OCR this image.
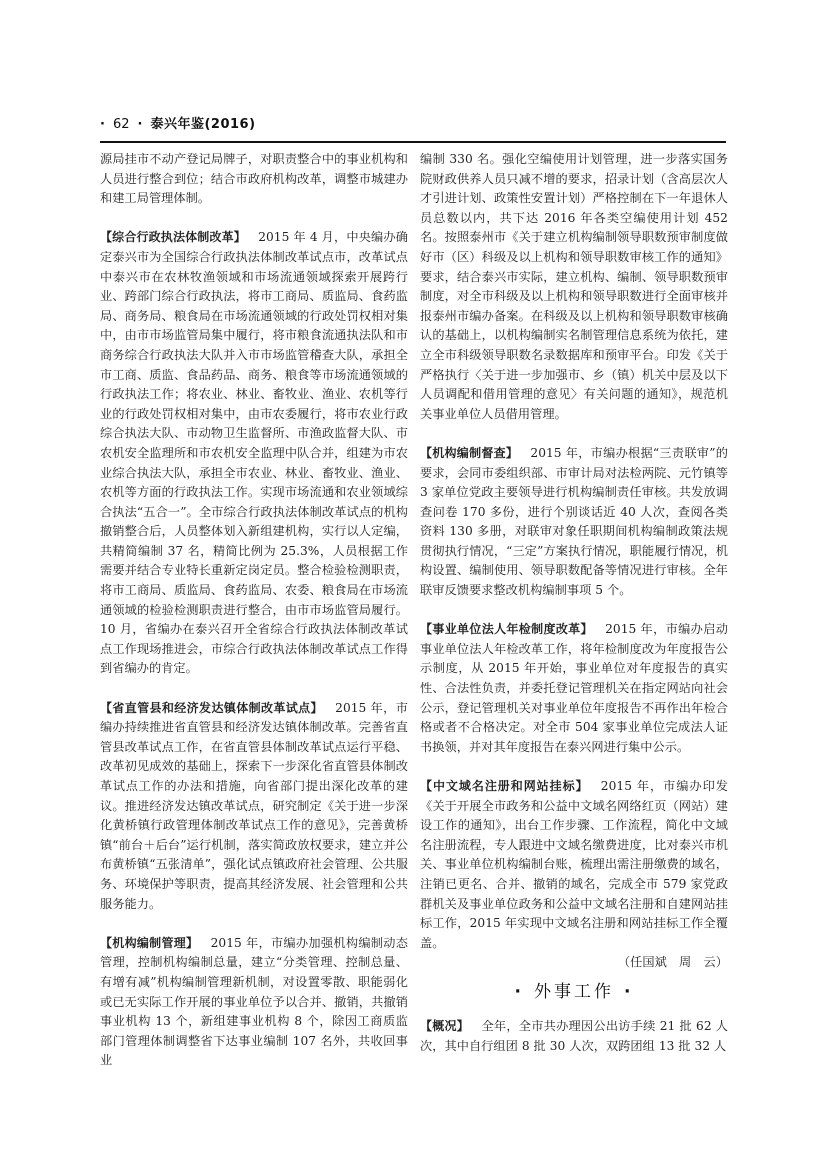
· 62 · 泰兴年鉴(2016)

源局挂市不动产登记局牌子，对职责整合中的事业机构和人员进行整合到位；结合市政府机构改革，调整市城建办和建工局管理体制。

【综合行政执法体制改革】  2015 年 4 月，中央编办确定泰兴市为全国综合行政执法体制改革试点市，改革试点中泰兴市在农林牧渔领域和市场流通领域探索开展跨行业、跨部门综合行政执法，将市工商局、质监局、食药监局、商务局、粮食局在市场流通领域的行政处罚权相对集中，由市市场监管局集中履行，将市粮食流通执法队和市商务综合行政执法大队并入市市场监管稽查大队，承担全市工商、质监、食品药品、商务、粮食等市场流通领域的行政执法工作；将农业、林业、畜牧业、渔业、农机等行业的行政处罚权相对集中，由市农委履行，将市农业行政综合执法大队、市动物卫生监督所、市渔政监督大队、市农机安全监理所和市农机安全监理中队合并，组建为市农业综合执法大队，承担全市农业、林业、畜牧业、渔业、农机等方面的行政执法工作。实现市场流通和农业领域综合执法“五合一”。全市综合行政执法体制改革试点的机构撤销整合后，人员整体划入新组建机构，实行以人定编，共精简编制 37 名，精简比例为 25.3%，人员根据工作需要并结合专业特长重新定岗定员。整合检验检测职责，将市工商局、质监局、食药监局、农委、粮食局在市场流通领域的检验检测职责进行整合，由市市场监管局履行。10 月，省编办在泰兴召开全省综合行政执法体制改革试点工作现场推进会，市综合行政执法体制改革试点工作得到省编办的肯定。

【省直管县和经济发达镇体制改革试点】  2015 年，市编办持续推进省直管县和经济发达镇体制改革。完善省直管县改革试点工作，在省直管县体制改革试点运行平稳、改革初见成效的基础上，探索下一步深化省直管县体制改革试点工作的办法和措施，向省部门提出深化改革的建议。推进经济发达镇改革试点，研究制定《关于进一步深化黄桥镇行政管理体制改革试点工作的意见》，完善黄桥镇“前台＋后台”运行机制，落实简政放权要求，建立并公布黄桥镇“五张清单”，强化试点镇政府社会管理、公共服务、环境保护等职责，提高其经济发展、社会管理和公共服务能力。

【机构编制管理】  2015 年，市编办加强机构编制动态管理，控制机构编制总量，建立“分类管理、控制总量、有增有减”机构编制管理新机制，对设置零散、职能弱化或已无实际工作开展的事业单位予以合并、撤销，共撤销事业机构 13 个，新组建事业机构 8 个，除因工商质监部门管理体制调整省下达事业编制 107 名外，共收回事业

编制 330 名。强化空编使用计划管理，进一步落实国务院财政供养人员只减不增的要求，招录计划（含高层次人才引进计划、政策性安置计划）严格控制在下一年退休人员总数以内，共下达 2016 年各类空编使用计划 452 名。按照泰州市《关于建立机构编制领导职数预审制度做好市（区）科级及以上机构和领导职数审核工作的通知》要求，结合泰兴市实际，建立机构、编制、领导职数预审制度，对全市科级及以上机构和领导职数进行全面审核并报泰州市编办备案。在科级及以上机构和领导职数审核确认的基础上，以机构编制实名制管理信息系统为依托，建立全市科级领导职数名录数据库和预审平台。印发《关于严格执行〈关于进一步加强市、乡（镇）机关中层及以下人员调配和借用管理的意见〉有关问题的通知》，规范机关事业单位人员借用管理。

【机构编制督查】  2015 年，市编办根据“三责联审”的要求，会同市委组织部、市审计局对法检两院、元竹镇等 3 家单位党政主要领导进行机构编制责任审核。共发放调查问卷 170 多份，进行个别谈话近 40 人次，查阅各类资料 130 多册，对联审对象任职期间机构编制政策法规贯彻执行情况，“三定”方案执行情况，职能履行情况，机构设置、编制使用、领导职数配备等情况进行审核。全年联审反馈要求整改机构编制事项 5 个。

【事业单位法人年检制度改革】  2015 年，市编办启动事业单位法人年检改革工作，将年检制度改为年度报告公示制度，从 2015 年开始，事业单位对年度报告的真实性、合法性负责，并委托登记管理机关在指定网站向社会公示，登记管理机关对事业单位年度报告不再作出年检合格或者不合格决定。对全市 504 家事业单位完成法人证书换领，并对其年度报告在泰兴网进行集中公示。

【中文域名注册和网站挂标】  2015 年，市编办印发《关于开展全市政务和公益中文域名网络红页（网站）建设工作的通知》，出台工作步骤、工作流程，简化中文域名注册流程，专人跟进中文域名缴费进度，比对泰兴市机关、事业单位机构编制台账，梳理出需注册缴费的域名，注销已更名、合并、撤销的域名，完成全市 579 家党政群机关及事业单位政务和公益中文域名注册和自建网站挂标工作，2015 年实现中文域名注册和网站挂标工作全覆盖。

（任国斌　周　云）

· 外事工作 ·

【概况】  全年，全市共办理因公出访手续 21 批 62 人次，其中自行组团 8 批 30 人次，双跨团组 13 批 32 人
